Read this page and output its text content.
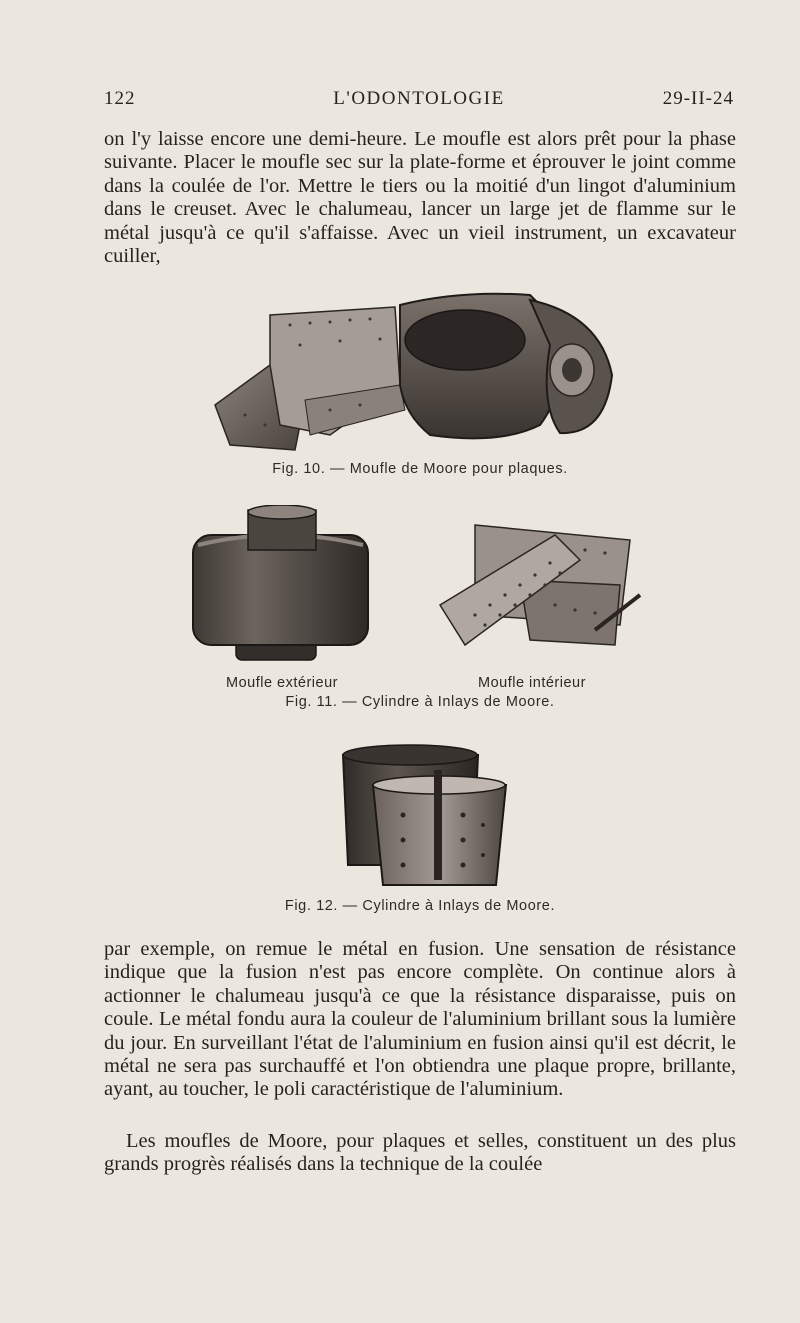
122	L'ODONTOLOGIE	29-II-24

on l'y laisse encore une demi-heure. Le moufle est alors prêt pour la phase suivante. Placer le moufle sec sur la plate-forme et éprouver le joint comme dans la coulée de l'or. Mettre le tiers ou la moitié d'un lingot d'aluminium dans le creuset. Avec le chalumeau, lancer un large jet de flamme sur le métal jusqu'à ce qu'il s'affaisse. Avec un vieil instrument, un excavateur cuiller,

Fig. 10. — Moufle de Moore pour plaques.
Moufle extérieur	Moufle intérieur
Fig. 11. — Cylindre à Inlays de Moore.
Fig. 12. — Cylindre à Inlays de Moore.

par exemple, on remue le métal en fusion. Une sensation de résistance indique que la fusion n'est pas encore complète. On continue alors à actionner le chalumeau jusqu'à ce que la résistance disparaisse, puis on coule. Le métal fondu aura la couleur de l'aluminium brillant sous la lumière du jour. En surveillant l'état de l'aluminium en fusion ainsi qu'il est décrit, le métal ne sera pas surchauffé et l'on obtiendra une plaque propre, brillante, ayant, au toucher, le poli caractéristique de l'aluminium.

Les moufles de Moore, pour plaques et selles, constituent un des plus grands progrès réalisés dans la technique de la coulée
